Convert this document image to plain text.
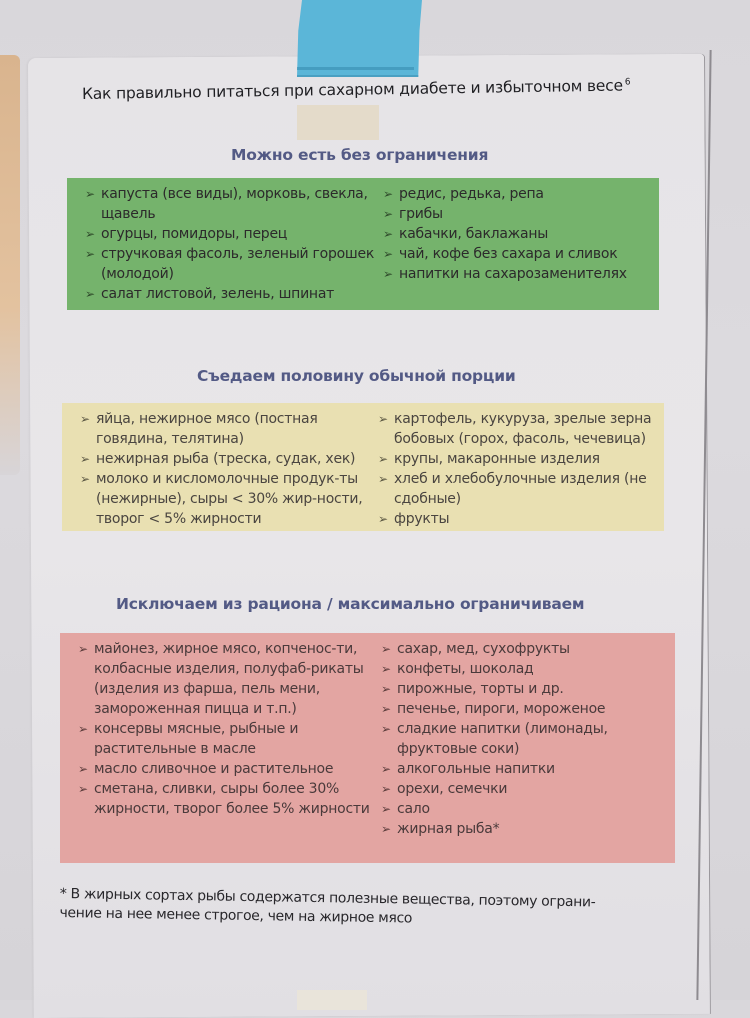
Как правильно питаться при сахарном диабете и избыточном весе $^6$
Можно есть без ограничения
➢ капуста (все виды), морковь, свекла, щавель
➢ огурцы, помидоры, перец
➢ стручковая фасоль, зеленый горошек (молодой)
➢ салат листовой, зелень, шпинат
➢ редис, редька, репа
➢ грибы
➢ кабачки, баклажаны
➢ чай, кофе без сахара и сливок
➢ напитки на сахарозаменителях
Съедаем половину обычной порции
➢ яйца, нежирное мясо (постная говядина, телятина)
➢ нежирная рыба (треска, судак, хек)
➢ молоко и кисломолочные продук-ты (нежирные), сыры < 30% жир-ности, творог < 5% жирности
➢ картофель, кукуруза, зрелые зерна бобовых (горох, фасоль, чечевица)
➢ крупы, макаронные изделия
➢ хлеб и хлебобулочные изделия (не сдобные)
➢ фрукты
Исключаем из рациона / максимально ограничиваем
➢ майонез, жирное мясо, копченос-ти, колбасные изделия, полуфаб-рикаты (изделия из фарша, пель мени, замороженная пицца и т.п.)
➢ консервы мясные, рыбные и растительные в масле
➢ масло сливочное и растительное
➢ сметана, сливки, сыры более 30% жирности, творог более 5% жирности
➢ сахар, мед, сухофрукты
➢ конфеты, шоколад
➢ пирожные, торты и др.
➢ печенье, пироги, мороженое
➢ сладкие напитки (лимонады, фруктовые соки)
➢ алкогольные напитки
➢ орехи, семечки
➢ сало
➢ жирная рыба*
* В жирных сортах рыбы содержатся полезные вещества, поэтому ограни-
чение на нее менее строгое, чем на жирное мясо
